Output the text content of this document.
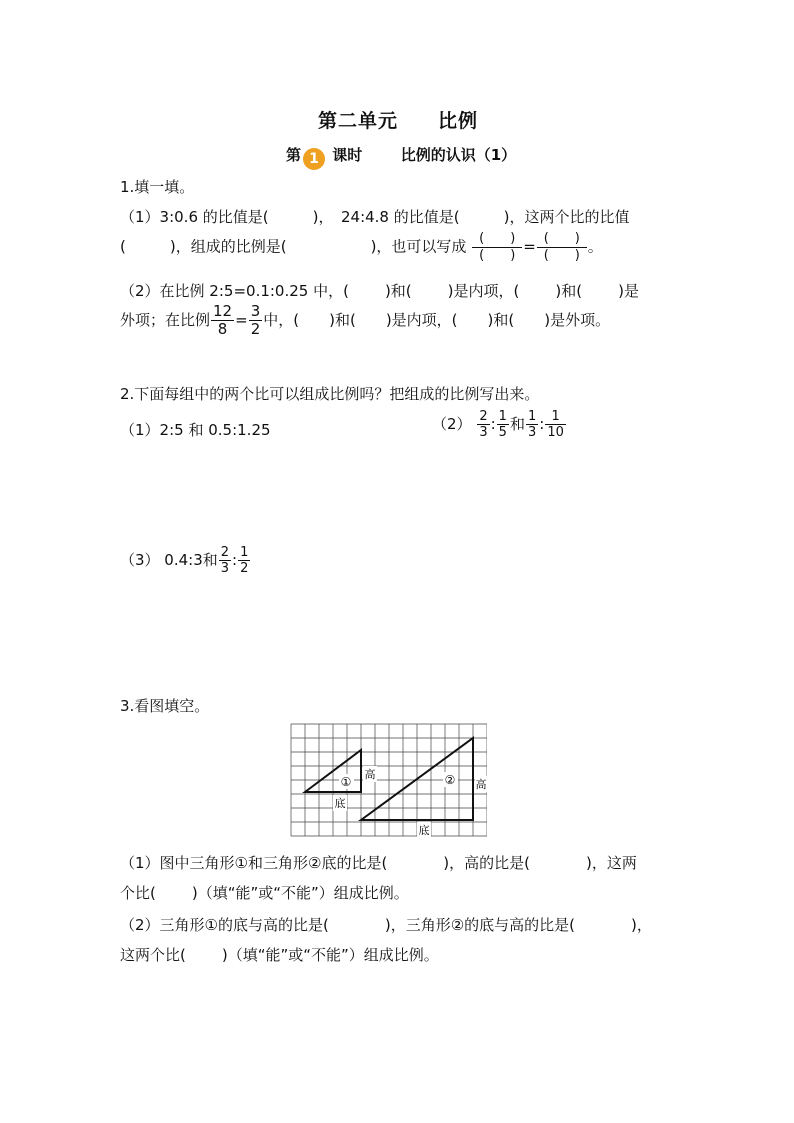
第二单元　　比例
第 1 课时	比例的认识（1）
1.填一填。
（1）3:0.6 的比值是(	)，　24:4.8 的比值是(	)，这两个比的比值
(	)，组成的比例是(	)，也可以写成 $\frac{( )}{( )} = \frac{( )}{( )}$ 。
（2）在比例 2:5=0.1:0.25 中，( )和( )是内项，( )和( )是
外项；在比例 $\frac{12}{8} = \frac{3}{2}$ 中，( )和( )是内项，( )和( )是外项。
2.下面每组中的两个比可以组成比例吗？把组成的比例写出来。
（1）2:5 和 0.5:1.25	$(2) \frac{2}{3}$ : $\frac{1}{5}$ 和 $\frac{1}{3}$ : $\frac{1}{10}$
（3） 0.4:3和 $\frac{2}{3}$ : $\frac{1}{2}$
3.看图填空。
①
高
底
② 高
底
（1）图中三角形①和三角形②底的比是(	)，高的比是(	)，这两
个比( )（填“能”或“不能”）组成比例。
（2）三角形①的底与高的比是(	)，三角形②的底与高的比是(	)，
这两个比( )（填“能”或“不能”）组成比例。
